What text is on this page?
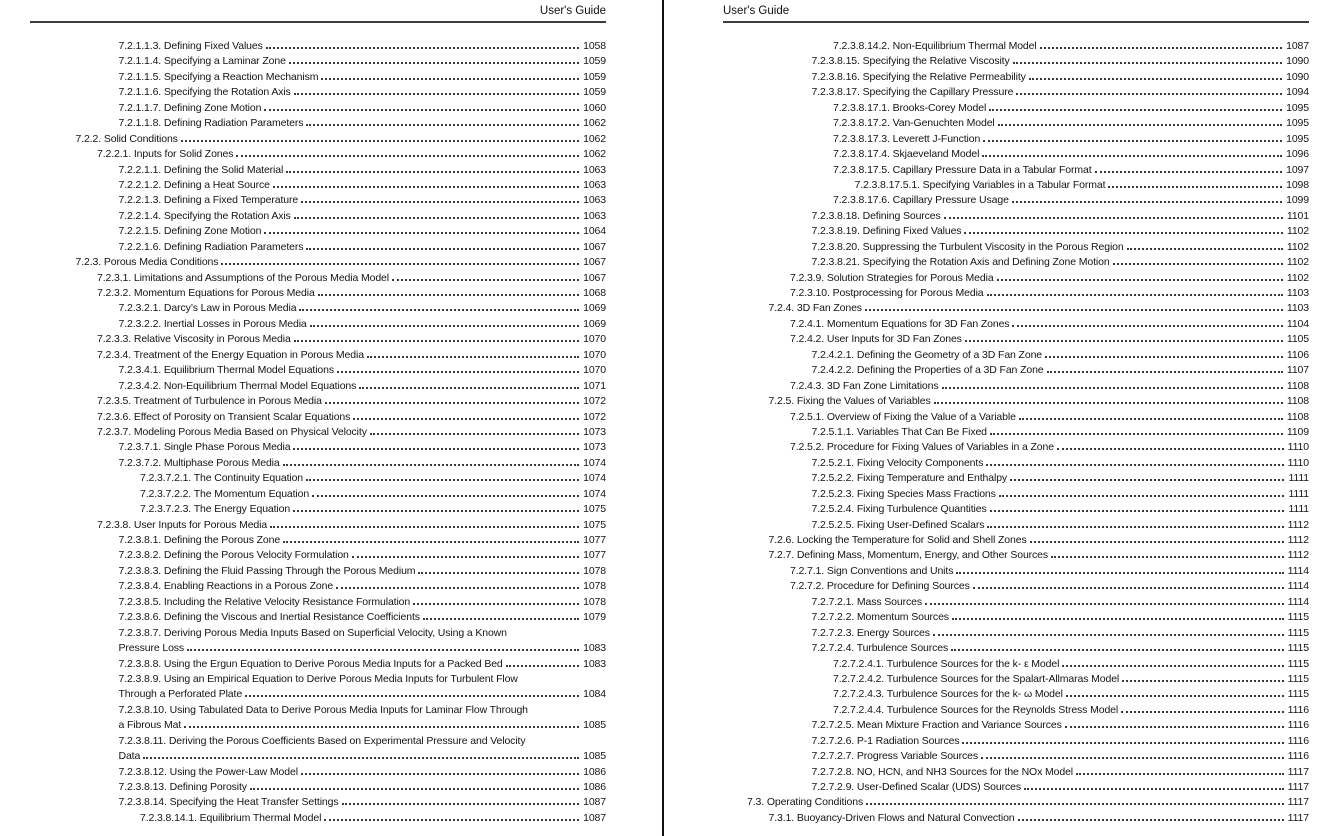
User's Guide
7.2.1.1.3. Defining Fixed Values	1058
7.2.1.1.4. Specifying a Laminar Zone	1059
7.2.1.1.5. Specifying a Reaction Mechanism	1059
7.2.1.1.6. Specifying the Rotation Axis	1059
7.2.1.1.7. Defining Zone Motion	1060
7.2.1.1.8. Defining Radiation Parameters	1062
7.2.2. Solid Conditions	1062
7.2.2.1. Inputs for Solid Zones	1062
7.2.2.1.1. Defining the Solid Material	1063
7.2.2.1.2. Defining a Heat Source	1063
7.2.2.1.3. Defining a Fixed Temperature	1063
7.2.2.1.4. Specifying the Rotation Axis	1063
7.2.2.1.5. Defining Zone Motion	1064
7.2.2.1.6. Defining Radiation Parameters	1067
7.2.3. Porous Media Conditions	1067
7.2.3.1. Limitations and Assumptions of the Porous Media Model	1067
7.2.3.2. Momentum Equations for Porous Media	1068
7.2.3.2.1. Darcy’s Law in Porous Media	1069
7.2.3.2.2. Inertial Losses in Porous Media	1069
7.2.3.3. Relative Viscosity in Porous Media	1070
7.2.3.4. Treatment of the Energy Equation in Porous Media	1070
7.2.3.4.1. Equilibrium Thermal Model Equations	1070
7.2.3.4.2. Non-Equilibrium Thermal Model Equations	1071
7.2.3.5. Treatment of Turbulence in Porous Media	1072
7.2.3.6. Effect of Porosity on Transient Scalar Equations	1072
7.2.3.7. Modeling Porous Media Based on Physical Velocity	1073
7.2.3.7.1. Single Phase Porous Media	1073
7.2.3.7.2. Multiphase Porous Media	1074
7.2.3.7.2.1. The Continuity Equation	1074
7.2.3.7.2.2. The Momentum Equation	1074
7.2.3.7.2.3. The Energy Equation	1075
7.2.3.8. User Inputs for Porous Media	1075
7.2.3.8.1. Defining the Porous Zone	1077
7.2.3.8.2. Defining the Porous Velocity Formulation	1077
7.2.3.8.3. Defining the Fluid Passing Through the Porous Medium	1078
7.2.3.8.4. Enabling Reactions in a Porous Zone	1078
7.2.3.8.5. Including the Relative Velocity Resistance Formulation	1078
7.2.3.8.6. Defining the Viscous and Inertial Resistance Coefficients	1079
7.2.3.8.7. Deriving Porous Media Inputs Based on Superficial Velocity, Using a Known
Pressure Loss	1083
7.2.3.8.8. Using the Ergun Equation to Derive Porous Media Inputs for a Packed Bed	1083
7.2.3.8.9. Using an Empirical Equation to Derive Porous Media Inputs for Turbulent Flow
Through a Perforated Plate	1084
7.2.3.8.10. Using Tabulated Data to Derive Porous Media Inputs for Laminar Flow Through
a Fibrous Mat	1085
7.2.3.8.11. Deriving the Porous Coefficients Based on Experimental Pressure and Velocity
Data	1085
7.2.3.8.12. Using the Power-Law Model	1086
7.2.3.8.13. Defining Porosity	1086
7.2.3.8.14. Specifying the Heat Transfer Settings	1087
7.2.3.8.14.1. Equilibrium Thermal Model	1087
User's Guide
7.2.3.8.14.2. Non-Equilibrium Thermal Model	1087
7.2.3.8.15. Specifying the Relative Viscosity	1090
7.2.3.8.16. Specifying the Relative Permeability	1090
7.2.3.8.17. Specifying the Capillary Pressure	1094
7.2.3.8.17.1. Brooks-Corey Model	1095
7.2.3.8.17.2. Van-Genuchten Model	1095
7.2.3.8.17.3. Leverett J-Function	1095
7.2.3.8.17.4. Skjaeveland Model	1096
7.2.3.8.17.5. Capillary Pressure Data in a Tabular Format	1097
7.2.3.8.17.5.1. Specifying Variables in a Tabular Format	1098
7.2.3.8.17.6. Capillary Pressure Usage	1099
7.2.3.8.18. Defining Sources	1101
7.2.3.8.19. Defining Fixed Values	1102
7.2.3.8.20. Suppressing the Turbulent Viscosity in the Porous Region	1102
7.2.3.8.21. Specifying the Rotation Axis and Defining Zone Motion	1102
7.2.3.9. Solution Strategies for Porous Media	1102
7.2.3.10. Postprocessing for Porous Media	1103
7.2.4. 3D Fan Zones	1103
7.2.4.1. Momentum Equations for 3D Fan Zones	1104
7.2.4.2. User Inputs for 3D Fan Zones	1105
7.2.4.2.1. Defining the Geometry of a 3D Fan Zone	1106
7.2.4.2.2. Defining the Properties of a 3D Fan Zone	1107
7.2.4.3. 3D Fan Zone Limitations	1108
7.2.5. Fixing the Values of Variables	1108
7.2.5.1. Overview of Fixing the Value of a Variable	1108
7.2.5.1.1. Variables That Can Be Fixed	1109
7.2.5.2. Procedure for Fixing Values of Variables in a Zone	1110
7.2.5.2.1. Fixing Velocity Components	1110
7.2.5.2.2. Fixing Temperature and Enthalpy	1111
7.2.5.2.3. Fixing Species Mass Fractions	1111
7.2.5.2.4. Fixing Turbulence Quantities	1111
7.2.5.2.5. Fixing User-Defined Scalars	1112
7.2.6. Locking the Temperature for Solid and Shell Zones	1112
7.2.7. Defining Mass, Momentum, Energy, and Other Sources	1112
7.2.7.1. Sign Conventions and Units	1114
7.2.7.2. Procedure for Defining Sources	1114
7.2.7.2.1. Mass Sources	1114
7.2.7.2.2. Momentum Sources	1115
7.2.7.2.3. Energy Sources	1115
7.2.7.2.4. Turbulence Sources	1115
7.2.7.2.4.1. Turbulence Sources for the k- ε Model	1115
7.2.7.2.4.2. Turbulence Sources for the Spalart-Allmaras Model	1115
7.2.7.2.4.3. Turbulence Sources for the k- ω Model	1115
7.2.7.2.4.4. Turbulence Sources for the Reynolds Stress Model	1116
7.2.7.2.5. Mean Mixture Fraction and Variance Sources	1116
7.2.7.2.6. P-1 Radiation Sources	1116
7.2.7.2.7. Progress Variable Sources	1116
7.2.7.2.8. NO, HCN, and NH3 Sources for the NOx Model	1117
7.2.7.2.9. User-Defined Scalar (UDS) Sources	1117
7.3. Operating Conditions	1117
7.3.1. Buoyancy-Driven Flows and Natural Convection	1117
